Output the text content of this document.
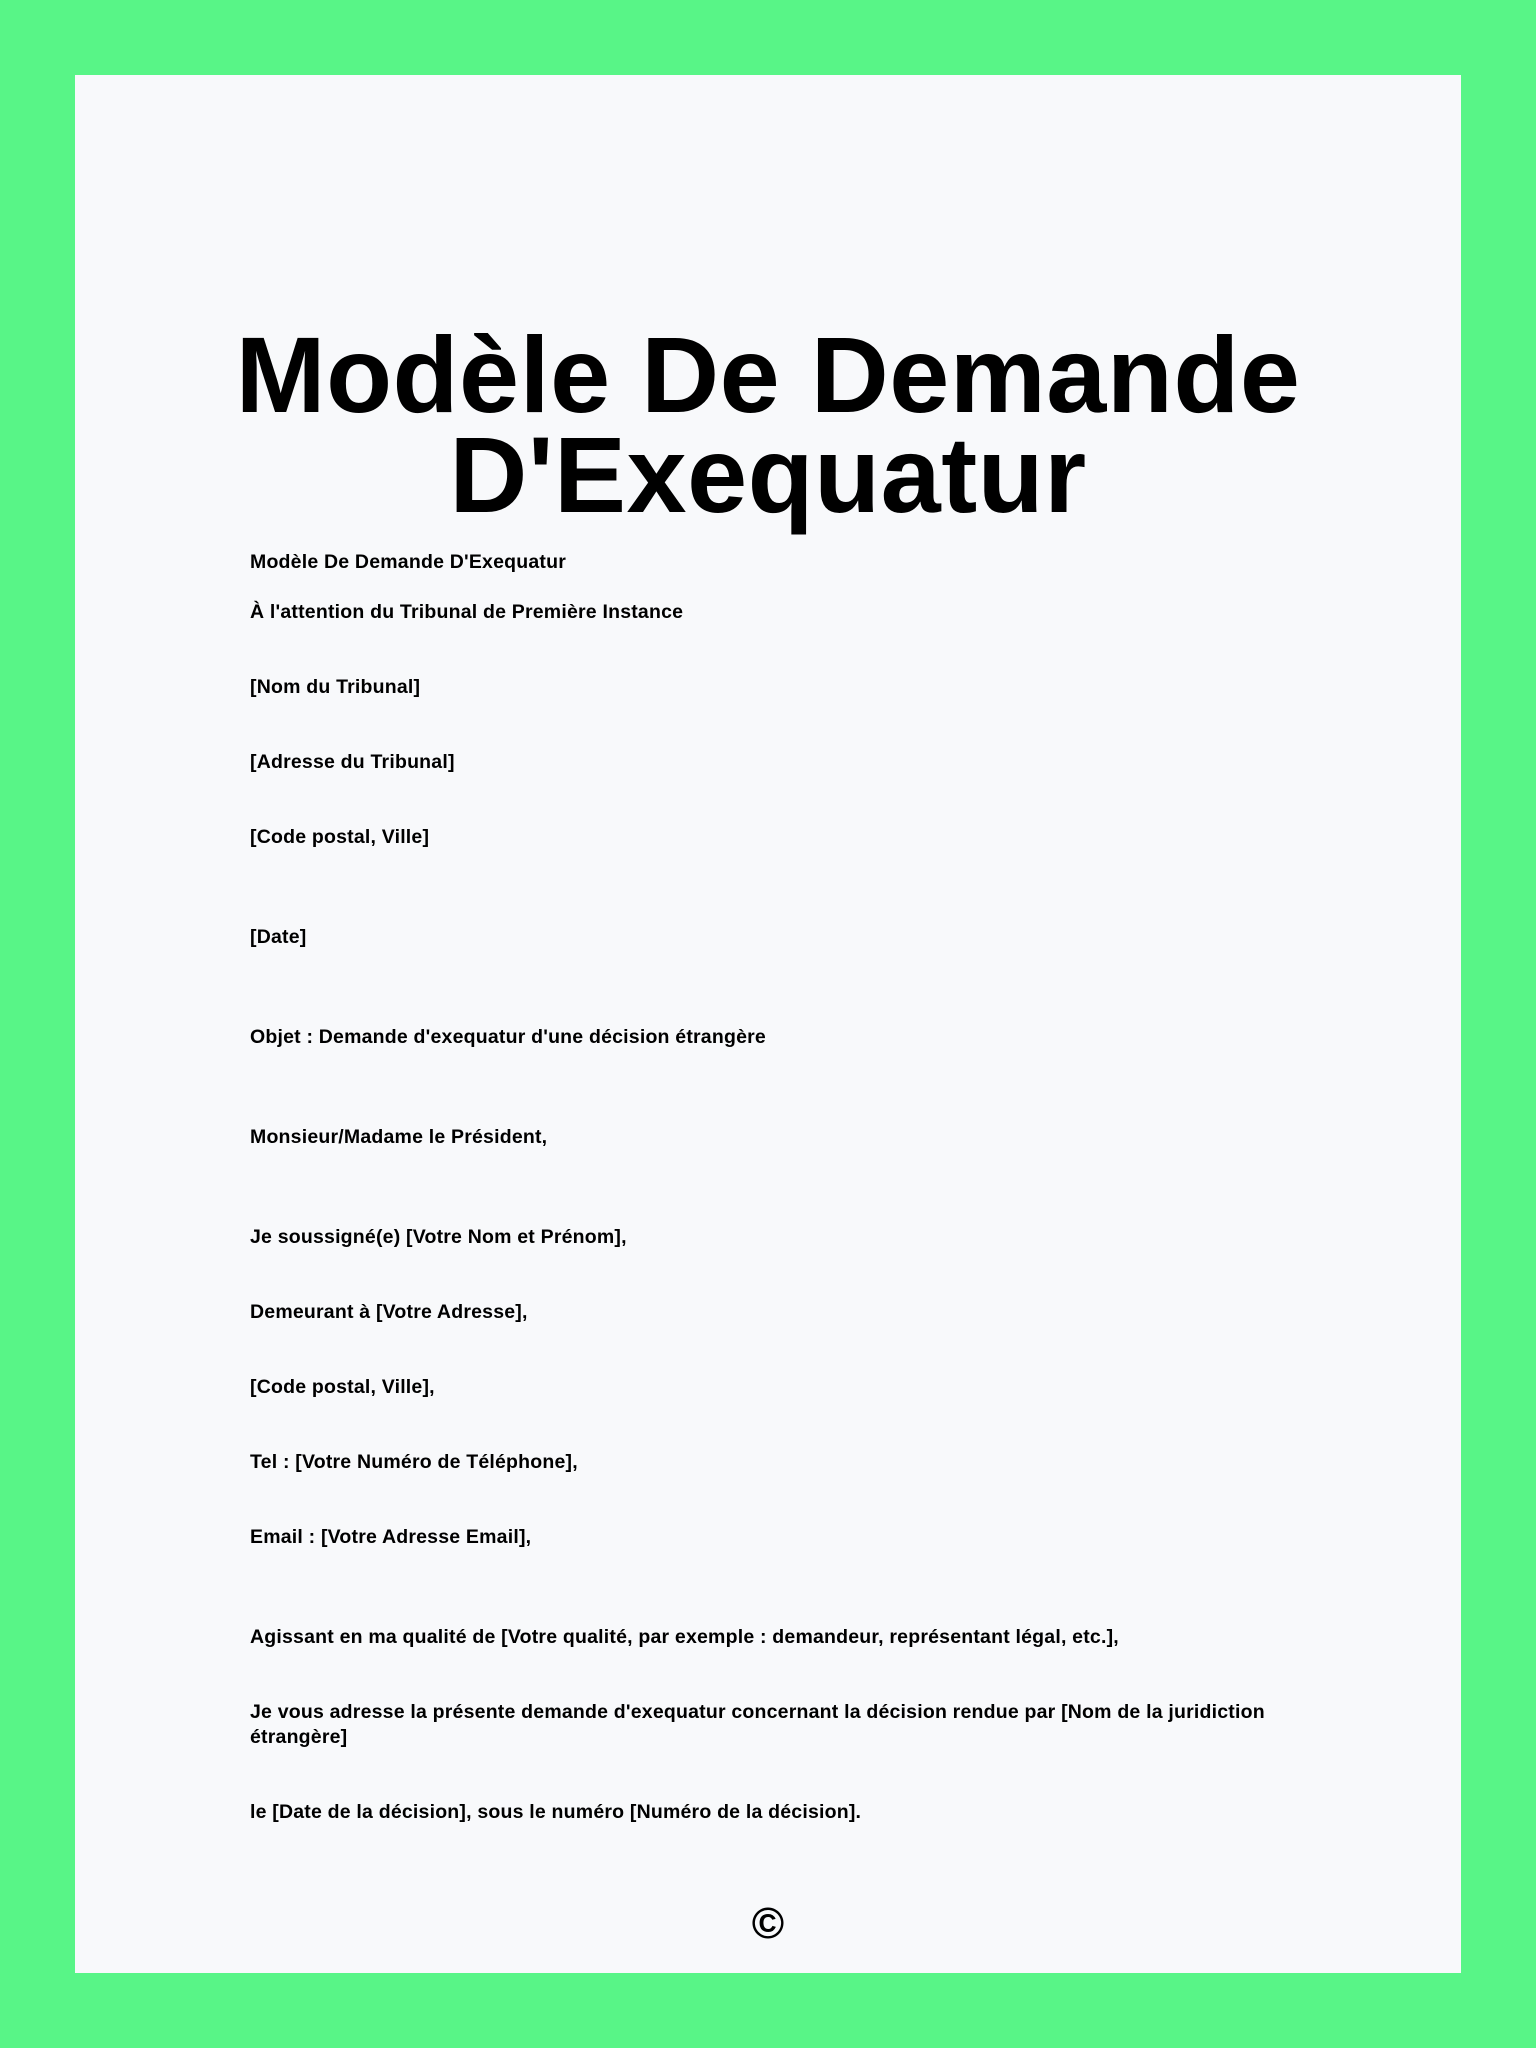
Modèle De Demande D'Exequatur

Modèle De Demande D'Exequatur

À l'attention du Tribunal de Première Instance

[Nom du Tribunal]

[Adresse du Tribunal]

[Code postal, Ville]

[Date]

Objet : Demande d'exequatur d'une décision étrangère

Monsieur/Madame le Président,

Je soussigné(e) [Votre Nom et Prénom],

Demeurant à [Votre Adresse],

[Code postal, Ville],

Tel : [Votre Numéro de Téléphone],

Email : [Votre Adresse Email],

Agissant en ma qualité de [Votre qualité, par exemple : demandeur, représentant légal, etc.],

Je vous adresse la présente demande d'exequatur concernant la décision rendue par [Nom de la juridiction étrangère]

le [Date de la décision], sous le numéro [Numéro de la décision].

©
